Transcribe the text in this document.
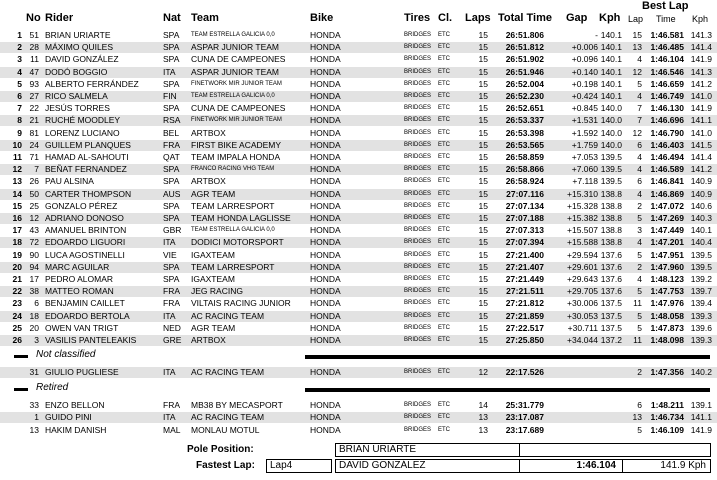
No Rider	Nat Team	Bike	Tires Cl. Laps Total Time Gap Kph
Best Lap
Lap Time Kph
1 51 BRIAN URIARTE	SPA	TEAM ESTRELLA GALICIA 0,0	HONDA	BRIDGES	ETC	15	26:51.806	- 140.1	15 1:46.581 141.3
2 28 MÁXIMO QUILES	SPA	ASPAR JUNIOR TEAM	HONDA	BRIDGES	ETC	15	26:51.812	+0.006 140.1	13 1:46.485 141.4
3 11 DAVID GONZÁLEZ	SPA	CUNA DE CAMPEONES	HONDA	BRIDGES	ETC	15	26:51.902	+0.096 140.1	4 1:46.104 141.9
4 47 DODÓ BOGGIO	ITA	ASPAR JUNIOR TEAM	HONDA	BRIDGES	ETC	15	26:51.946	+0.140 140.1	12 1:46.546 141.3
5 93 ALBERTO FERRÁNDEZ	SPA	FINETWORK MIR JUNIOR TEAM	HONDA	BRIDGES	ETC	15	26:52.004	+0.198 140.1	5 1:46.659 141.2
6 27 RICO SALMELA	FIN	TEAM ESTRELLA GALICIA 0,0	HONDA	BRIDGES	ETC	15	26:52.230	+0.424 140.1	4 1:46.749 141.0
7 22 JESÚS TORRES	SPA	CUNA DE CAMPEONES	HONDA	BRIDGES	ETC	15	26:52.651	+0.845 140.0	7 1:46.130 141.9
8 21 RUCHÉ MOODLEY	RSA	FINETWORK MIR JUNIOR TEAM	HONDA	BRIDGES	ETC	15	26:53.337	+1.531 140.0	7 1:46.696 141.1
9 81 LORENZ LUCIANO	BEL	ARTBOX	HONDA	BRIDGES	ETC	15	26:53.398	+1.592 140.0	12 1:46.790 141.0
10 24 GUILLEM PLANQUES	FRA	FIRST BIKE ACADEMY	HONDA	BRIDGES	ETC	15	26:53.565	+1.759 140.0	6 1:46.403 141.5
11 71 HAMAD AL-SAHOUTI	QAT	TEAM IMPALA HONDA	HONDA	BRIDGES	ETC	15	26:58.859	+7.053 139.5	4 1:46.494 141.4
12	7 BEÑAT FERNANDEZ	SPA	FRANCO RACING VHG TEAM	HONDA	BRIDGES	ETC	15	26:58.866	+7.060 139.5	4 1:46.589 141.2
13 26 PAU ALSINA	SPA	ARTBOX	HONDA	BRIDGES	ETC	15	26:58.924	+7.118 139.5	6 1:46.841 140.9
14 50 CARTER THOMPSON	AUS	AGR TEAM	HONDA	BRIDGES	ETC	15	27:07.116	+15.310 138.8	4 1:46.869 140.9
15 25 GONZALO PÉREZ	SPA	TEAM LARRESPORT	HONDA	BRIDGES	ETC	15	27:07.134	+15.328 138.8	2 1:47.072 140.6
16 12 ADRIANO DONOSO	SPA	TEAM HONDA LAGLISSE	HONDA	BRIDGES	ETC	15	27:07.188	+15.382 138.8	5 1:47.269 140.3
17 43 AMANUEL BRINTON	GBR	TEAM ESTRELLA GALICIA 0,0	HONDA	BRIDGES	ETC	15	27:07.313	+15.507 138.8	3 1:47.449 140.1
18 72 EDOARDO LIGUORI	ITA	DODICI MOTORSPORT	HONDA	BRIDGES	ETC	15	27:07.394	+15.588 138.8	4 1:47.201 140.4
19 90 LUCA AGOSTINELLI	VIE	IGAXTEAM	HONDA	BRIDGES	ETC	15	27:21.400	+29.594 137.6	5 1:47.951 139.5
20 94 MARC AGUILAR	SPA	TEAM LARRESPORT	HONDA	BRIDGES	ETC	15	27:21.407	+29.601 137.6	2 1:47.960 139.5
21 17 PEDRO ALOMAR	SPA	IGAXTEAM	HONDA	BRIDGES	ETC	15	27:21.449	+29.643 137.6	4 1:48.123 139.2
22 38 MATTEO ROMAN	FRA	JEG RACING	HONDA	BRIDGES	ETC	15	27:21.511	+29.705 137.6	5 1:47.753 139.7
23	6 BENJAMIN CAILLET	FRA	VILTAIS RACING JUNIOR	HONDA	BRIDGES	ETC	15	27:21.812	+30.006 137.5	11 1:47.976 139.4
24 18 EDOARDO BERTOLA	ITA	AC RACING TEAM	HONDA	BRIDGES	ETC	15	27:21.859	+30.053 137.5	5 1:48.058 139.3
25 20 OWEN VAN TRIGT	NED	AGR TEAM	HONDA	BRIDGES	ETC	15	27:22.517	+30.711 137.5	5 1:47.873 139.6
26	3 VASILIS PANTELEAKIS	GRE	ARTBOX	HONDA	BRIDGES	ETC	15	27:25.850	+34.044 137.2	11 1:48.098 139.3
Not classified
31 GIULIO PUGLIESE	ITA	AC RACING TEAM	HONDA	BRIDGES	ETC	12	22:17.526	2 1:47.356 140.2
Retired
33 ENZO BELLON	FRA	MB38 BY MECASPORT	HONDA	BRIDGES	ETC	14	25:31.779	6	1:48.211 139.1
1 GUIDO PINI	ITA	AC RACING TEAM	HONDA	BRIDGES	ETC	13	23:17.087	13 1:46.734 141.1
13 HAKIM DANISH	MAL	MONLAU MOTUL	HONDA	BRIDGES	ETC	13	23:17.689	5 1:46.109 141.9
Pole Position:	BRIAN URIARTE
Fastest Lap:	Lap4	DAVID GONZÁLEZ	1:46.104	141.9 Kph
